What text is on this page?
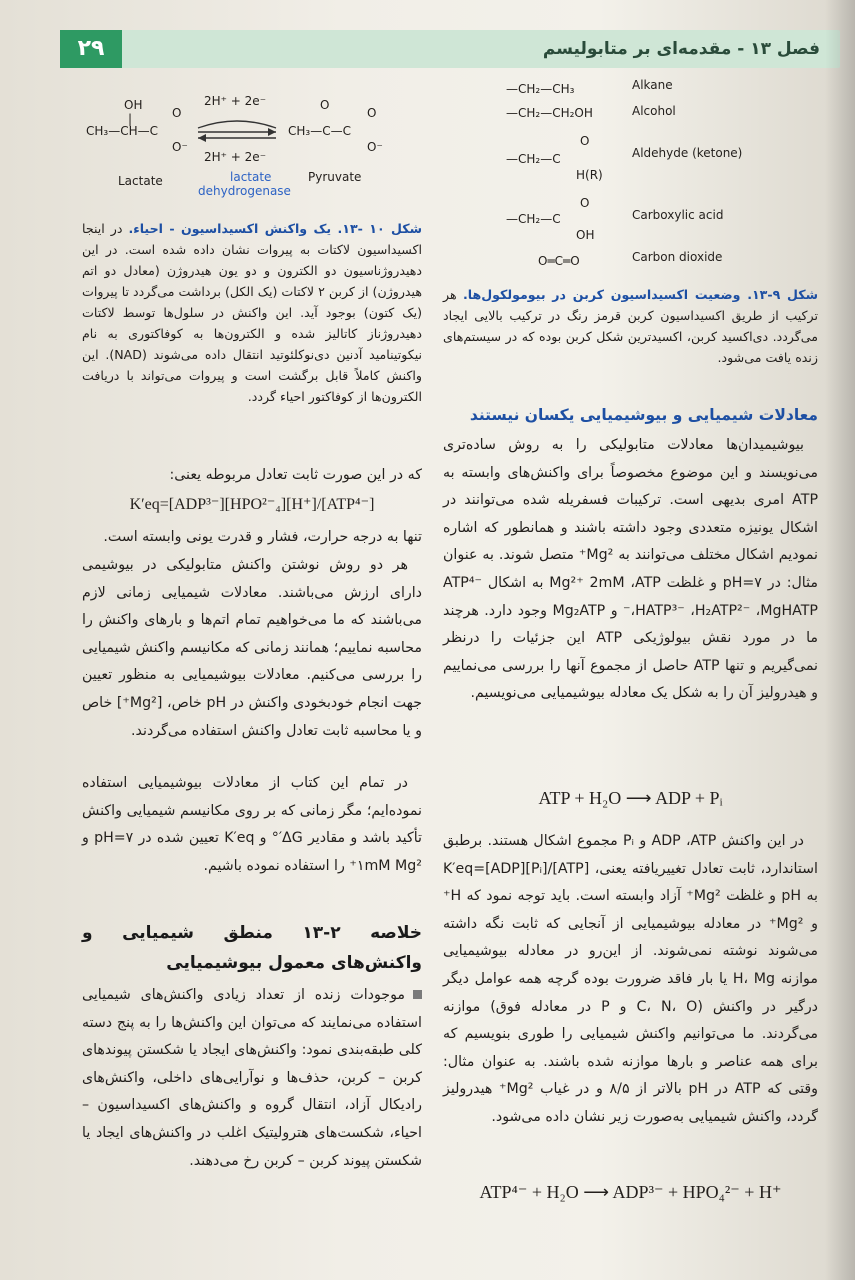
۲۹	فصل ۱۳ - مقدمه‌ای بر متابولیسم
OH
|
CH₃—CH—C
O
O⁻
2H⁺ + 2e⁻
2H⁺ + 2e⁻
O
CH₃—C—C
O
O⁻
Lactate	lactate
dehydrogenase
Pyruvate
شکل ۱۰ -۱۳. یک واکنش اکسیداسیون - احیاء. در اینجا اکسیداسیون لاکتات به پیروات نشان داده شده است. در این دهیدروژناسیون دو الکترون و دو یون هیدروژن (معادل دو اتم هیدروژن) از کربن ۲ لاکتات (یک الکل) برداشت می‌گردد تا پیروات (یک کتون) بوجود آید. این واکنش در سلول‌ها توسط لاکتات دهیدروژناز کاتالیز شده و الکترون‌ها به کوفاکتوری به نام نیکوتینامید آدنین دی‌نوکلئوتید انتقال داده می‌شوند (NAD). این واکنش کاملاً قابل برگشت است و پیروات می‌تواند با دریافت الکترون‌ها از کوفاکتور احیاء گردد.
—CH₂—CH₃	Alkane
—CH₂—CH₂OH	Alcohol
O
—CH₂—C
H(R)
Aldehyde (ketone)
O
—CH₂—C
OH
Carboxylic acid
O═C═O	Carbon dioxide
شکل ۹-۱۳. وضعیت اکسیداسیون کربن در بیومولکول‌ها. هر ترکیب از طریق اکسیداسیون کربن قرمز رنگ در ترکیب بالایی ایجاد می‌گردد. دی‌اکسید کربن، اکسیدترین شکل کربن بوده که در سیستم‌های زنده یافت می‌شود.
که در این صورت ثابت تعادل مربوطه یعنی:
K′eq=[ADP³⁻][HPO²⁻₄][H⁺]/[ATP⁴⁻]
تنها به درجه حرارت، فشار و قدرت یونی وابسته است.
هر دو روش نوشتن واکنش متابولیکی در بیوشیمی دارای ارزش می‌باشند. معادلات شیمیایی زمانی لازم می‌باشند که ما می‌خواهیم تمام اتم‌ها و بارهای واکنش را محاسبه نماییم؛ همانند زمانی که مکانیسم واکنش شیمیایی را بررسی می‌کنیم. معادلات بیوشیمیایی به منظور تعیین جهت انجام خودبخودی واکنش در pH خاص، [Mg²⁺] خاص و یا محاسبه ثابت تعادل واکنش استفاده می‌گردند.
در تمام این کتاب از معادلات بیوشیمیایی استفاده نموده‌ایم؛ مگر زمانی که بر روی مکانیسم شیمیایی واکنش تأکید باشد و مقادیر ΔG′° و K′eq تعیین شده در pH=۷ و ۱mM Mg²⁺ را استفاده نموده باشیم.
خلاصه ۲-۱۳ منطق شیمیایی و واکنش‌های معمول بیوشیمیایی
موجودات زنده از تعداد زیادی واکنش‌های شیمیایی استفاده می‌نمایند که می‌توان این واکنش‌ها را به پنج دسته کلی طبقه‌بندی نمود: واکنش‌های ایجاد یا شکستن پیوندهای کربن – کربن، حذف‌ها و نوآرایی‌های داخلی، واکنش‌های رادیکال آزاد، انتقال گروه و واکنش‌های اکسیداسیون – احیاء، شکست‌های هترولیتیک اغلب در واکنش‌های ایجاد یا شکستن پیوند کربن – کربن رخ می‌دهند.
معادلات شیمیایی و بیوشیمیایی یکسان نیستند
بیوشیمیدان‌ها معادلات متابولیکی را به روش ساده‌تری می‌نویسند و این موضوع مخصوصاً برای واکنش‌های وابسته به ATP امری بدیهی است. ترکیبات فسفریله شده می‌توانند در اشکال یونیزه متعددی وجود داشته باشند و همانطور که اشاره نمودیم اشکال مختلف می‌توانند به Mg²⁺ متصل شوند. به عنوان مثال: در pH=۷ و غلظت Mg²⁺ 2mM ،ATP به اشکال ATP⁴⁻ ،HATP³⁻ ،H₂ATP²⁻ ،MgHATP⁻ و Mg₂ATP وجود دارد. هرچند ما در مورد نقش بیولوژیکی ATP این جزئیات را درنظر نمی‌گیریم و تنها ATP حاصل از مجموع آنها را بررسی می‌نماییم و هیدرولیز آن را به شکل یک معادله بیوشیمیایی می‌نویسیم.
ATP + H₂O ⟶ ADP + Pᵢ
در این واکنش ADP ،ATP و Pᵢ مجموع اشکال هستند. برطبق استاندارد، ثابت تعادل تغییریافته یعنی، K′eq=[ADP][Pᵢ]/[ATP] به pH و غلظت Mg²⁺ آزاد وابسته است. باید توجه نمود که H⁺ و Mg²⁺ در معادله بیوشیمیایی از آنجایی که ثابت نگه داشته می‌شوند نوشته نمی‌شوند. از این‌رو در معادله بیوشیمیایی موازنه H، Mg یا بار فاقد ضرورت بوده گرچه همه عوامل دیگر درگیر در واکنش (C، N، O و P در معادله فوق) موازنه می‌گردند. ما می‌توانیم واکنش شیمیایی را طوری بنویسیم که برای همه عناصر و بارها موازنه شده باشند. به عنوان مثال: وقتی که ATP در pH بالاتر از ۸/۵ و در غیاب Mg²⁺ هیدرولیز گردد، واکنش شیمیایی به‌صورت زیر نشان داده می‌شود.
ATP⁴⁻ + H₂O ⟶ ADP³⁻ + HPO₄²⁻ + H⁺
